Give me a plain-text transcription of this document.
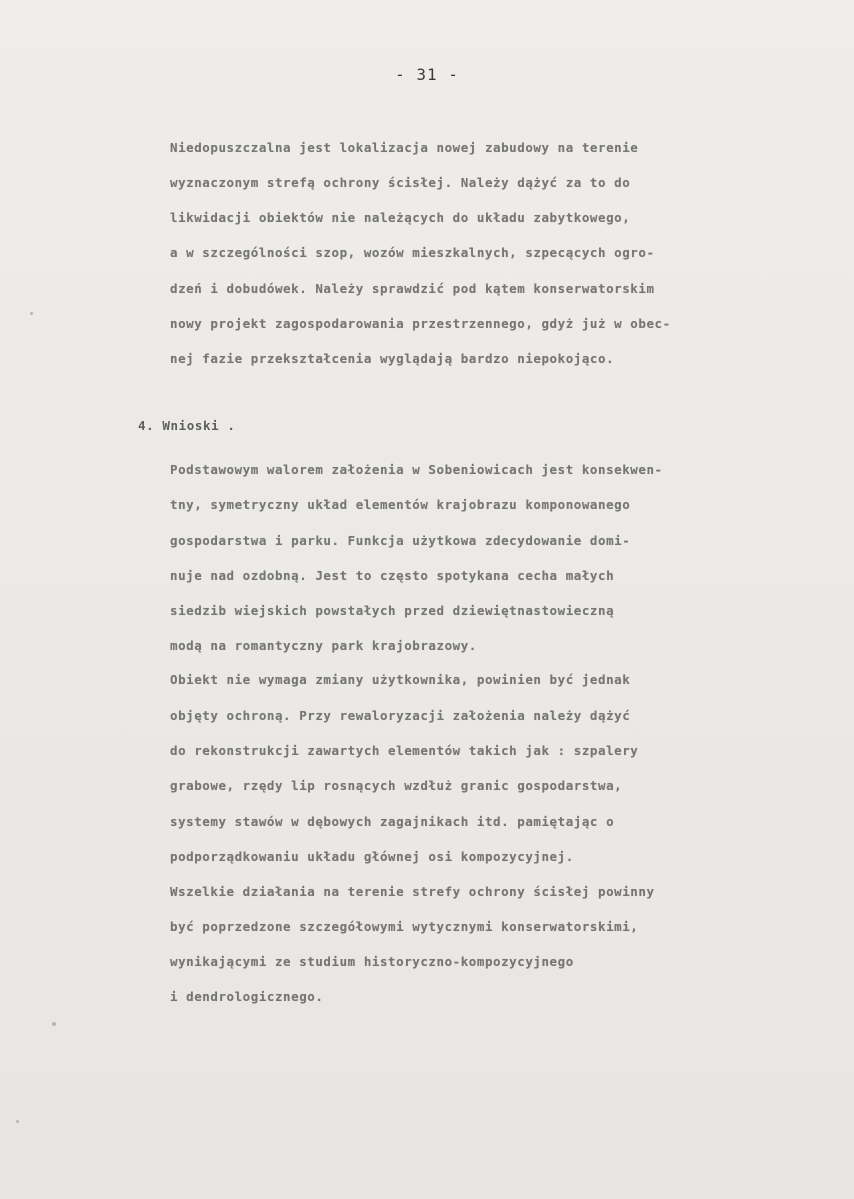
- 31 -
Niedopuszczalna jest lokalizacja nowej zabudowy na terenie
wyznaczonym strefą ochrony ścisłej. Należy dążyć za to do
likwidacji obiektów nie należących do układu zabytkowego,
a w szczególności szop, wozów mieszkalnych, szpecących ogro-
dzeń i dobudówek. Należy sprawdzić pod kątem konserwatorskim
nowy projekt zagospodarowania przestrzennego, gdyż już w obec-
nej fazie przekształcenia wyglądają bardzo niepokojąco.
4. Wnioski .
Podstawowym walorem założenia w Sobeniowicach jest konsekwen-
tny, symetryczny układ elementów krajobrazu komponowanego
gospodarstwa i parku. Funkcja użytkowa zdecydowanie domi-
nuje nad ozdobną. Jest to często spotykana cecha małych
siedzib wiejskich powstałych przed dziewiętnastowieczną
modą na romantyczny park krajobrazowy.
Obiekt nie wymaga zmiany użytkownika, powinien być jednak
objęty ochroną. Przy rewaloryzacji założenia należy dążyć
do rekonstrukcji zawartych elementów takich jak : szpalery
grabowe, rzędy lip rosnących wzdłuż granic gospodarstwa,
systemy stawów w dębowych zagajnikach itd. pamiętając o
podporządkowaniu układu głównej osi kompozycyjnej.
Wszelkie działania na terenie strefy ochrony ścisłej powinny
być poprzedzone szczegółowymi wytycznymi konserwatorskimi,
wynikającymi ze studium historyczno-kompozycyjnego
i dendrologicznego.
